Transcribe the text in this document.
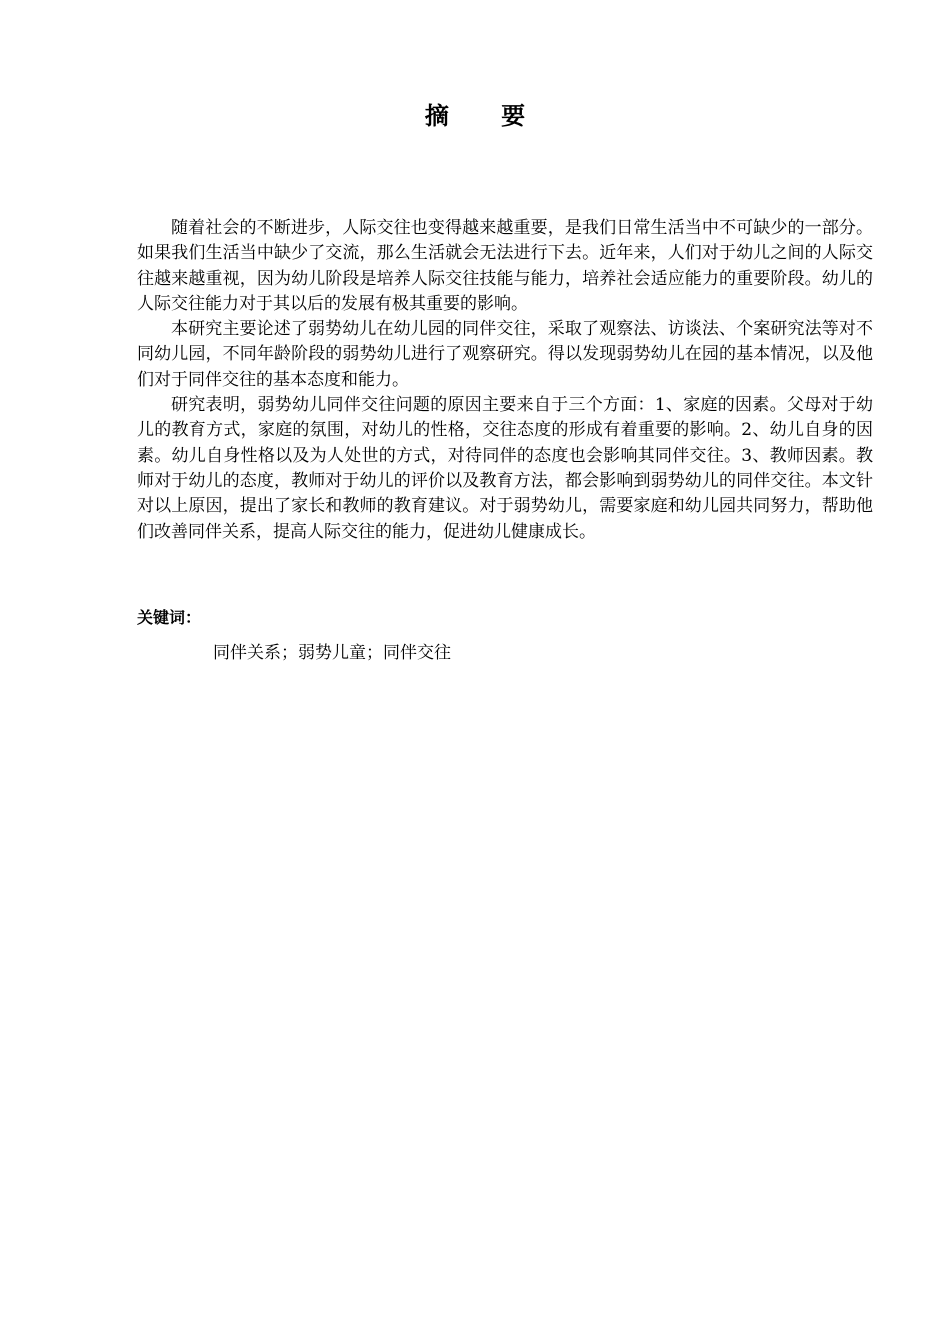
摘 要

随着社会的不断进步，人际交往也变得越来越重要，是我们日常生活当中不可缺少的一部分。如果我们生活当中缺少了交流，那么生活就会无法进行下去。近年来，人们对于幼儿之间的人际交往越来越重视，因为幼儿阶段是培养人际交往技能与能力，培养社会适应能力的重要阶段。幼儿的人际交往能力对于其以后的发展有极其重要的影响。

本研究主要论述了弱势幼儿在幼儿园的同伴交往，采取了观察法、访谈法、个案研究法等对不同幼儿园，不同年龄阶段的弱势幼儿进行了观察研究。得以发现弱势幼儿在园的基本情况，以及他们对于同伴交往的基本态度和能力。

研究表明，弱势幼儿同伴交往问题的原因主要来自于三个方面：1、家庭的因素。父母对于幼儿的教育方式，家庭的氛围，对幼儿的性格，交往态度的形成有着重要的影响。2、幼儿自身的因素。幼儿自身性格以及为人处世的方式，对待同伴的态度也会影响其同伴交往。3、教师因素。教师对于幼儿的态度，教师对于幼儿的评价以及教育方法，都会影响到弱势幼儿的同伴交往。本文针对以上原因，提出了家长和教师的教育建议。对于弱势幼儿，需要家庭和幼儿园共同努力，帮助他们改善同伴关系，提高人际交往的能力，促进幼儿健康成长。

关键词：
同伴关系；弱势儿童；同伴交往
